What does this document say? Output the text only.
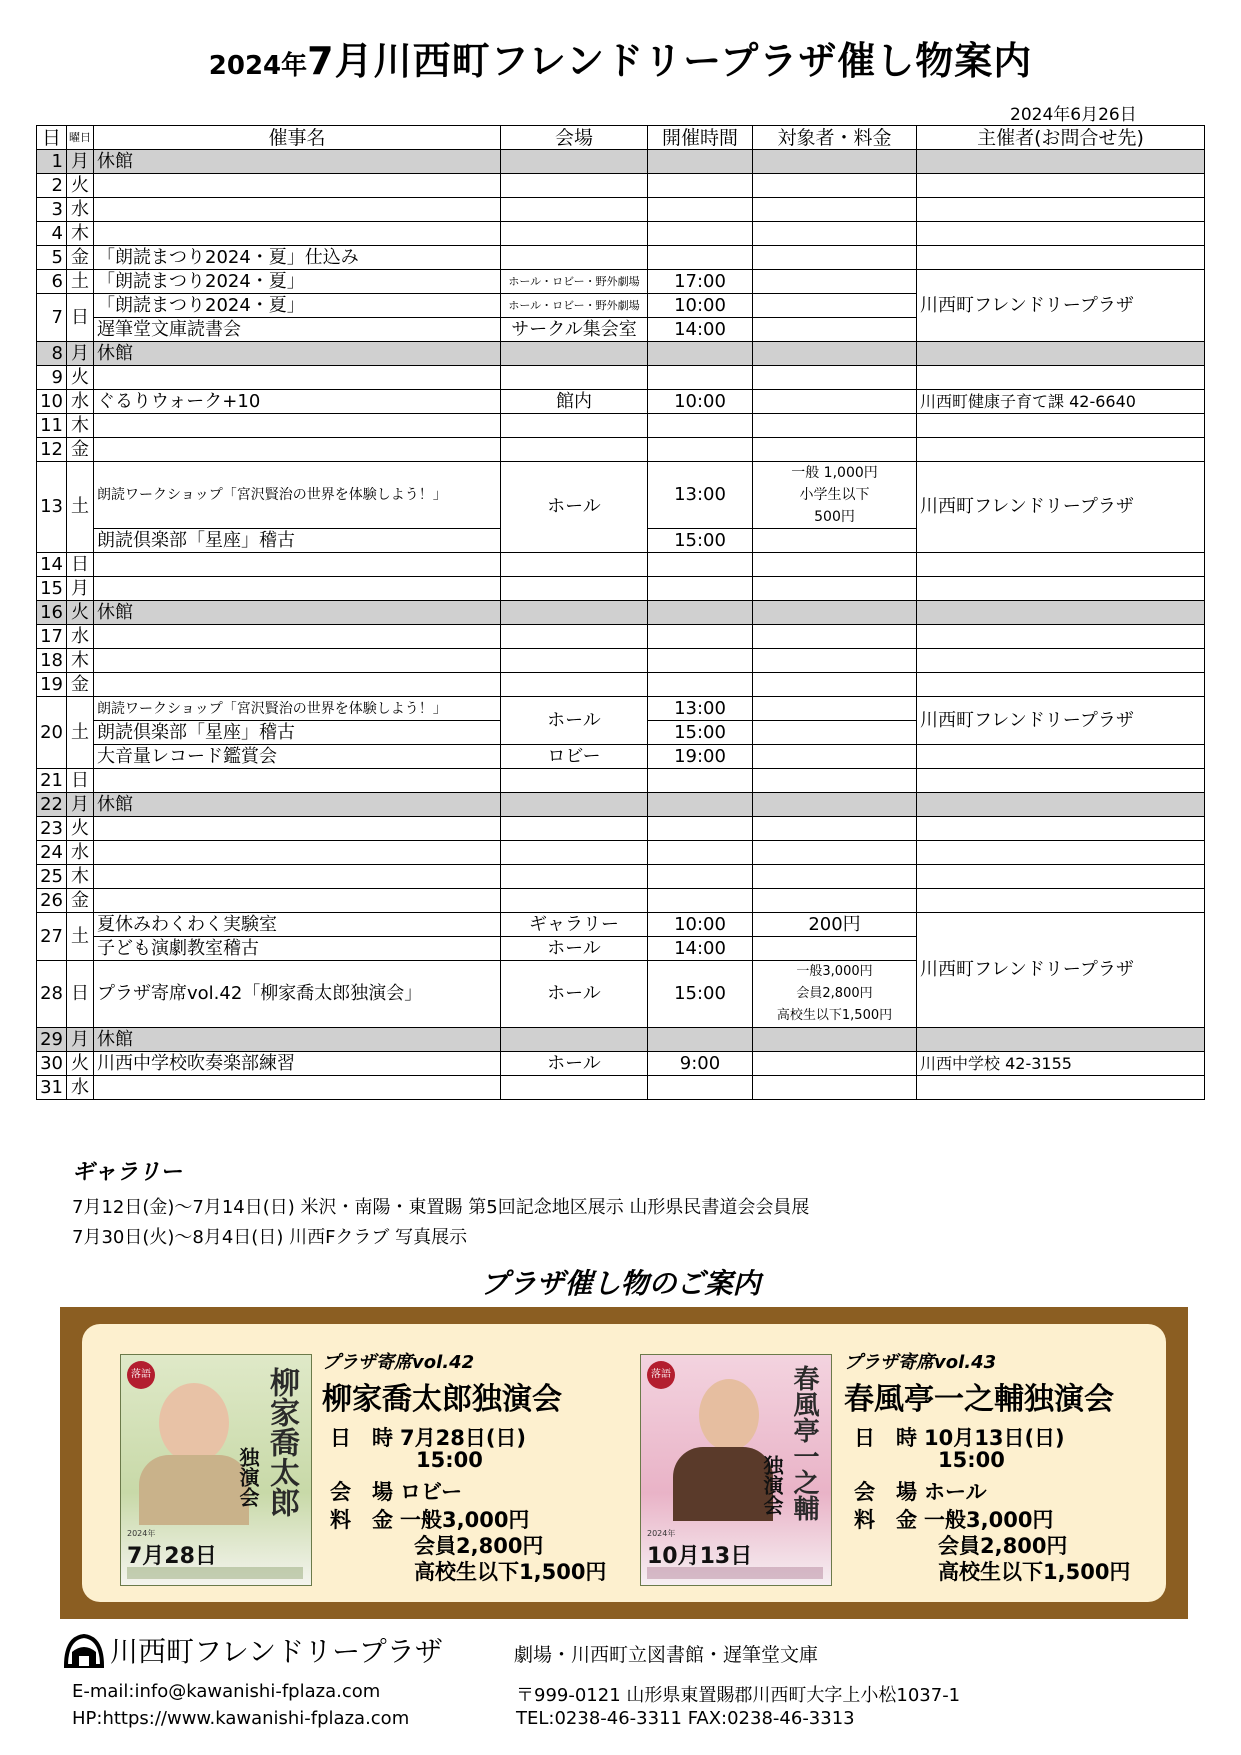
2024年7月川西町フレンドリープラザ催し物案内
2024年6月26日
日	曜日	催事名	会場	開催時間	対象者・料金	主催者(お問合せ先)
1	月	休館				
2	火					
3	水					
4	木					
5	金	「朗読まつり2024・夏」仕込み				
6	土	「朗読まつり2024・夏」	ホール・ロビー・野外劇場	17:00		川西町フレンドリープラザ
7	日	「朗読まつり2024・夏」	ホール・ロビー・野外劇場	10:00		
		遅筆堂文庫読書会	サークル集会室	14:00		
8	月	休館				
9	火					
10	水	ぐるりウォーク+10	館内	10:00		川西町健康子育て課 42-6640
11	木					
12	金					
13	土	朗読ワークショップ「宮沢賢治の世界を体験しよう！」	ホール	13:00	一般 1,000円
小学生以下
500円	川西町フレンドリープラザ
		朗読倶楽部「星座」稽古		15:00		
14	日					
15	月					
16	火	休館				
17	水					
18	木					
19	金					
20	土	朗読ワークショップ「宮沢賢治の世界を体験しよう！」	ホール	13:00		川西町フレンドリープラザ
		朗読倶楽部「星座」稽古		15:00		
		大音量レコード鑑賞会	ロビー	19:00		
21	日					
22	月	休館				
23	火					
24	水					
25	木					
26	金					
27	土	夏休みわくわく実験室	ギャラリー	10:00	200円	川西町フレンドリープラザ
		子ども演劇教室稽古	ホール	14:00		
28	日	プラザ寄席vol.42「柳家喬太郎独演会」	ホール	15:00	一般3,000円
会員2,800円
高校生以下1,500円	

29	月	休館				
30	火	川西中学校吹奏楽部練習	ホール	9:00		川西中学校 42-3155
31	水					
ギャラリー
7月12日(金)～7月14日(日) 米沢・南陽・東置賜 第5回記念地区展示 山形県民書道会会員展
7月30日(火)～8月4日(日) 川西Fクラブ 写真展示
プラザ催し物のご案内
落語	柳家喬太郎
独演会
2024年
7月28日
プラザ寄席vol.42
柳家喬太郎独演会
日　時 7月28日(日)
15:00
会　場 ロビー
料　金 一般3,000円
会員2,800円
高校生以下1,500円
落語	春風亭一之輔
独演会
2024年
10月13日
プラザ寄席vol.43
春風亭一之輔独演会
日　時 10月13日(日)
15:00
会　場 ホール
料　金 一般3,000円
会員2,800円
高校生以下1,500円
川西町フレンドリープラザ	劇場・川西町立図書館・遅筆堂文庫
E-mail:info@kawanishi-fplaza.com	〒999-0121 山形県東置賜郡川西町大字上小松1037-1
HP:https://www.kawanishi-fplaza.com	TEL:0238-46-3311 FAX:0238-46-3313
